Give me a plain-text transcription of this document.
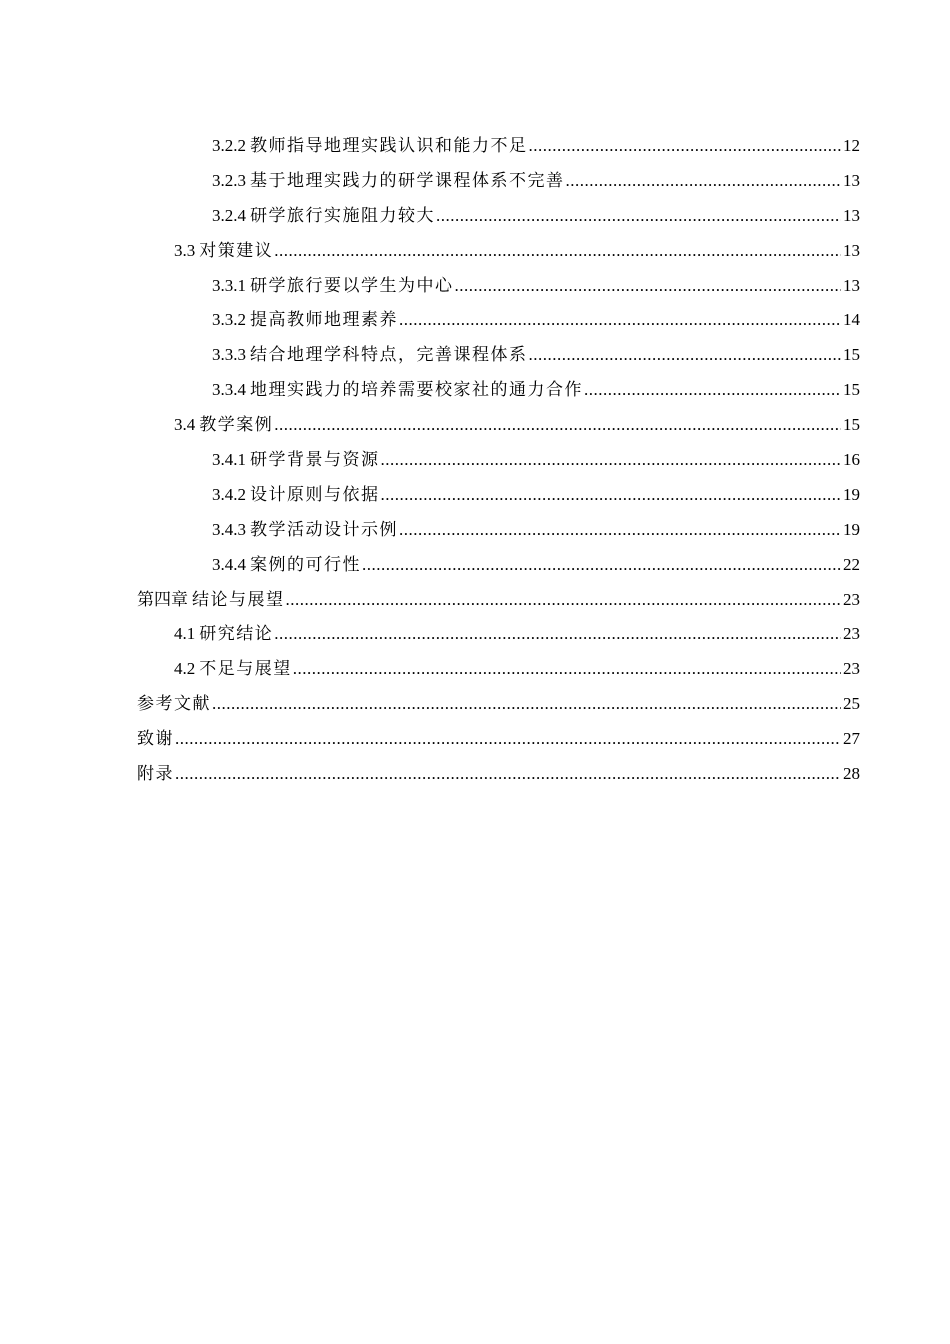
3.2.2 教师指导地理实践认识和能力不足 .....	12
3.2.3 基于地理实践力的研学课程体系不完善 .....	13
3.2.4 研学旅行实施阻力较大 .....	13
3.3 对策建议 .....	13
3.3.1 研学旅行要以学生为中心 .....	13
3.3.2 提高教师地理素养 .....	14
3.3.3 结合地理学科特点，完善课程体系 .....	15
3.3.4 地理实践力的培养需要校家社的通力合作 .....	15
3.4 教学案例 .....	15
3.4.1 研学背景与资源 .....	16
3.4.2 设计原则与依据 .....	19
3.4.3 教学活动设计示例 .....	19
3.4.4 案例的可行性 .....	22
第四章 结论与展望 .....	23
4.1 研究结论 .....	23
4.2 不足与展望 .....	23
参考文献 .....	25
致谢 .....	27
附录 .....	28
